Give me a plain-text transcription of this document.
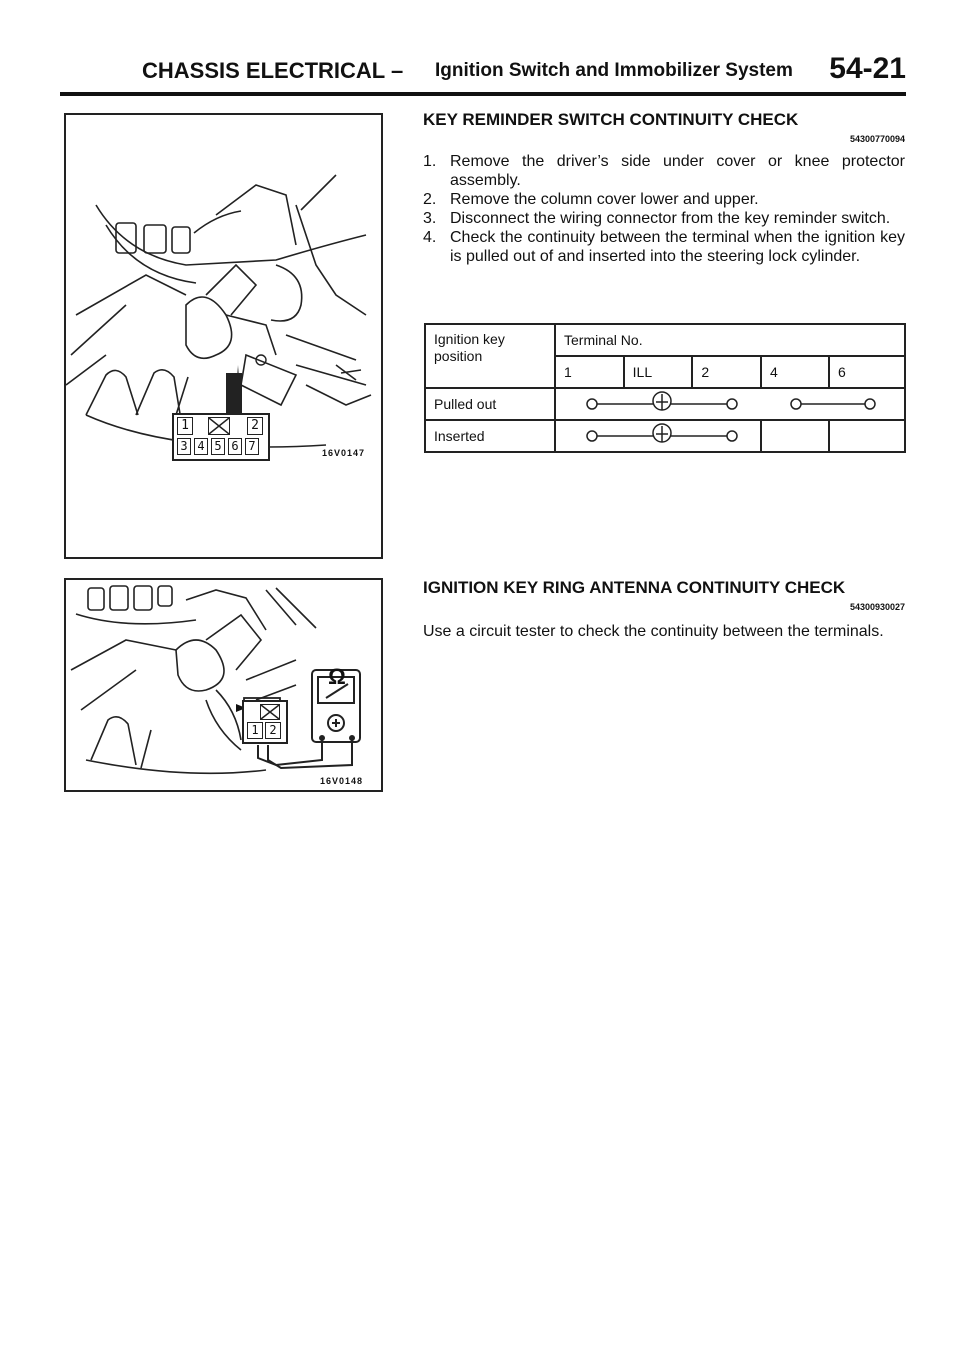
CHASSIS ELECTRICAL – Ignition Switch and Immobilizer System 54-21
1	2
3 4 5 6 7	16V0147
Ω
1 2
16V0148
KEY REMINDER SWITCH CONTINUITY CHECK
54300770094
1. Remove the driver’s side under cover or knee protector assembly.
2. Remove the column cover lower and upper.
3. Disconnect the wiring connector from the key reminder switch.
4. Check the continuity between the terminal when the ignition key is pulled out of and inserted into the steering lock cylinder.
Ignition key position	Terminal No.				
	1	ILL	2	4	6
Pulled out	

Inserted	

IGNITION KEY RING ANTENNA CONTINUITY CHECK
54300930027
Use a circuit tester to check the continuity between the terminals.
